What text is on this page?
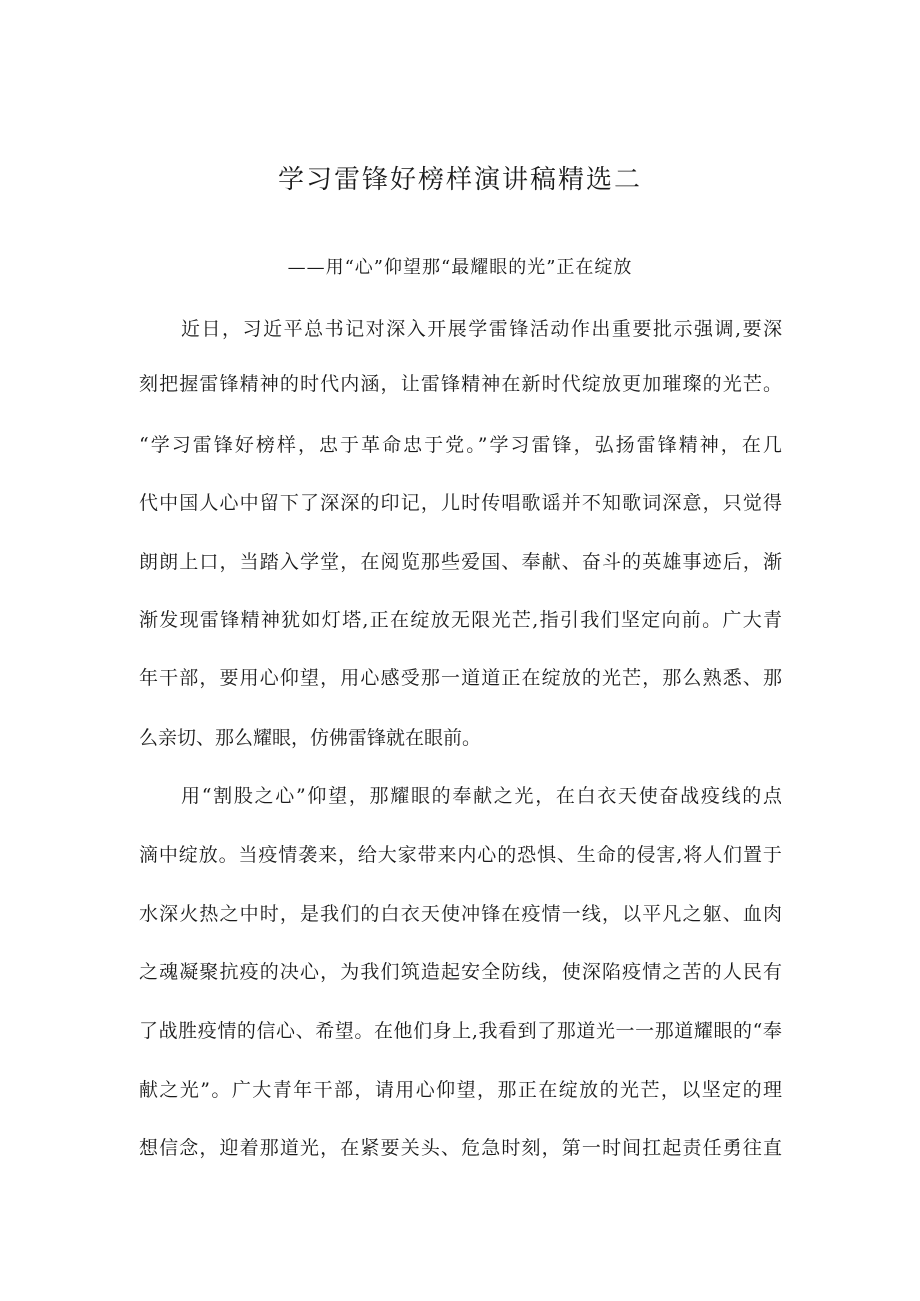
学习雷锋好榜样演讲稿精选二

——用“心”仰望那“最耀眼的光”正在绽放

近日，习近平总书记对深入开展学雷锋活动作出重要批示强调,要深

刻把握雷锋精神的时代内涵，让雷锋精神在新时代绽放更加璀璨的光芒。

“学习雷锋好榜样，忠于革命忠于党。”学习雷锋，弘扬雷锋精神，在几

代中国人心中留下了深深的印记，儿时传唱歌谣并不知歌词深意，只觉得

朗朗上口，当踏入学堂，在阅览那些爱国、奉献、奋斗的英雄事迹后，渐

渐发现雷锋精神犹如灯塔,正在绽放无限光芒,指引我们坚定向前。广大青

年干部，要用心仰望，用心感受那一道道正在绽放的光芒，那么熟悉、那

么亲切、那么耀眼，仿佛雷锋就在眼前。

用“割股之心”仰望，那耀眼的奉献之光，在白衣天使奋战疫线的点

滴中绽放。当疫情袭来，给大家带来内心的恐惧、生命的侵害,将人们置于

水深火热之中时，是我们的白衣天使冲锋在疫情一线，以平凡之躯、血肉

之魂凝聚抗疫的决心，为我们筑造起安全防线，使深陷疫情之苦的人民有

了战胜疫情的信心、希望。在他们身上,我看到了那道光一一那道耀眼的“奉

献之光”。广大青年干部，请用心仰望，那正在绽放的光芒，以坚定的理

想信念，迎着那道光，在紧要关头、危急时刻，第一时间扛起责任勇往直
